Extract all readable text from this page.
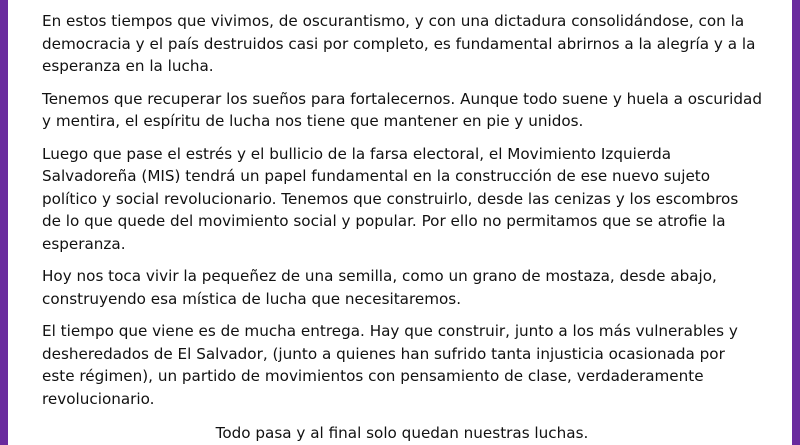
En estos tiempos que vivimos, de oscurantismo, y con una dictadura consolidándose, con la democracia y el país destruidos casi por completo, es fundamental abrirnos a la alegría y a la esperanza en la lucha.

Tenemos que recuperar los sueños para fortalecernos. Aunque todo suene y huela a oscuridad y mentira, el espíritu de lucha nos tiene que mantener en pie y unidos.

Luego que pase el estrés y el bullicio de la farsa electoral, el Movimiento Izquierda Salvadoreña (MIS) tendrá un papel fundamental en la construcción de ese nuevo sujeto político y social revolucionario. Tenemos que construirlo, desde las cenizas y los escombros de lo que quede del movimiento social y popular. Por ello no permitamos que se atrofie la esperanza.

Hoy nos toca vivir la pequeñez de una semilla, como un grano de mostaza, desde abajo, construyendo esa mística de lucha que necesitaremos.

El tiempo que viene es de mucha entrega. Hay que construir, junto a los más vulnerables y desheredados de El Salvador, (junto a quienes han sufrido tanta injusticia ocasionada por este régimen), un partido de movimientos con pensamiento de clase, verdaderamente revolucionario.

Todo pasa y al final solo quedan nuestras luchas.
